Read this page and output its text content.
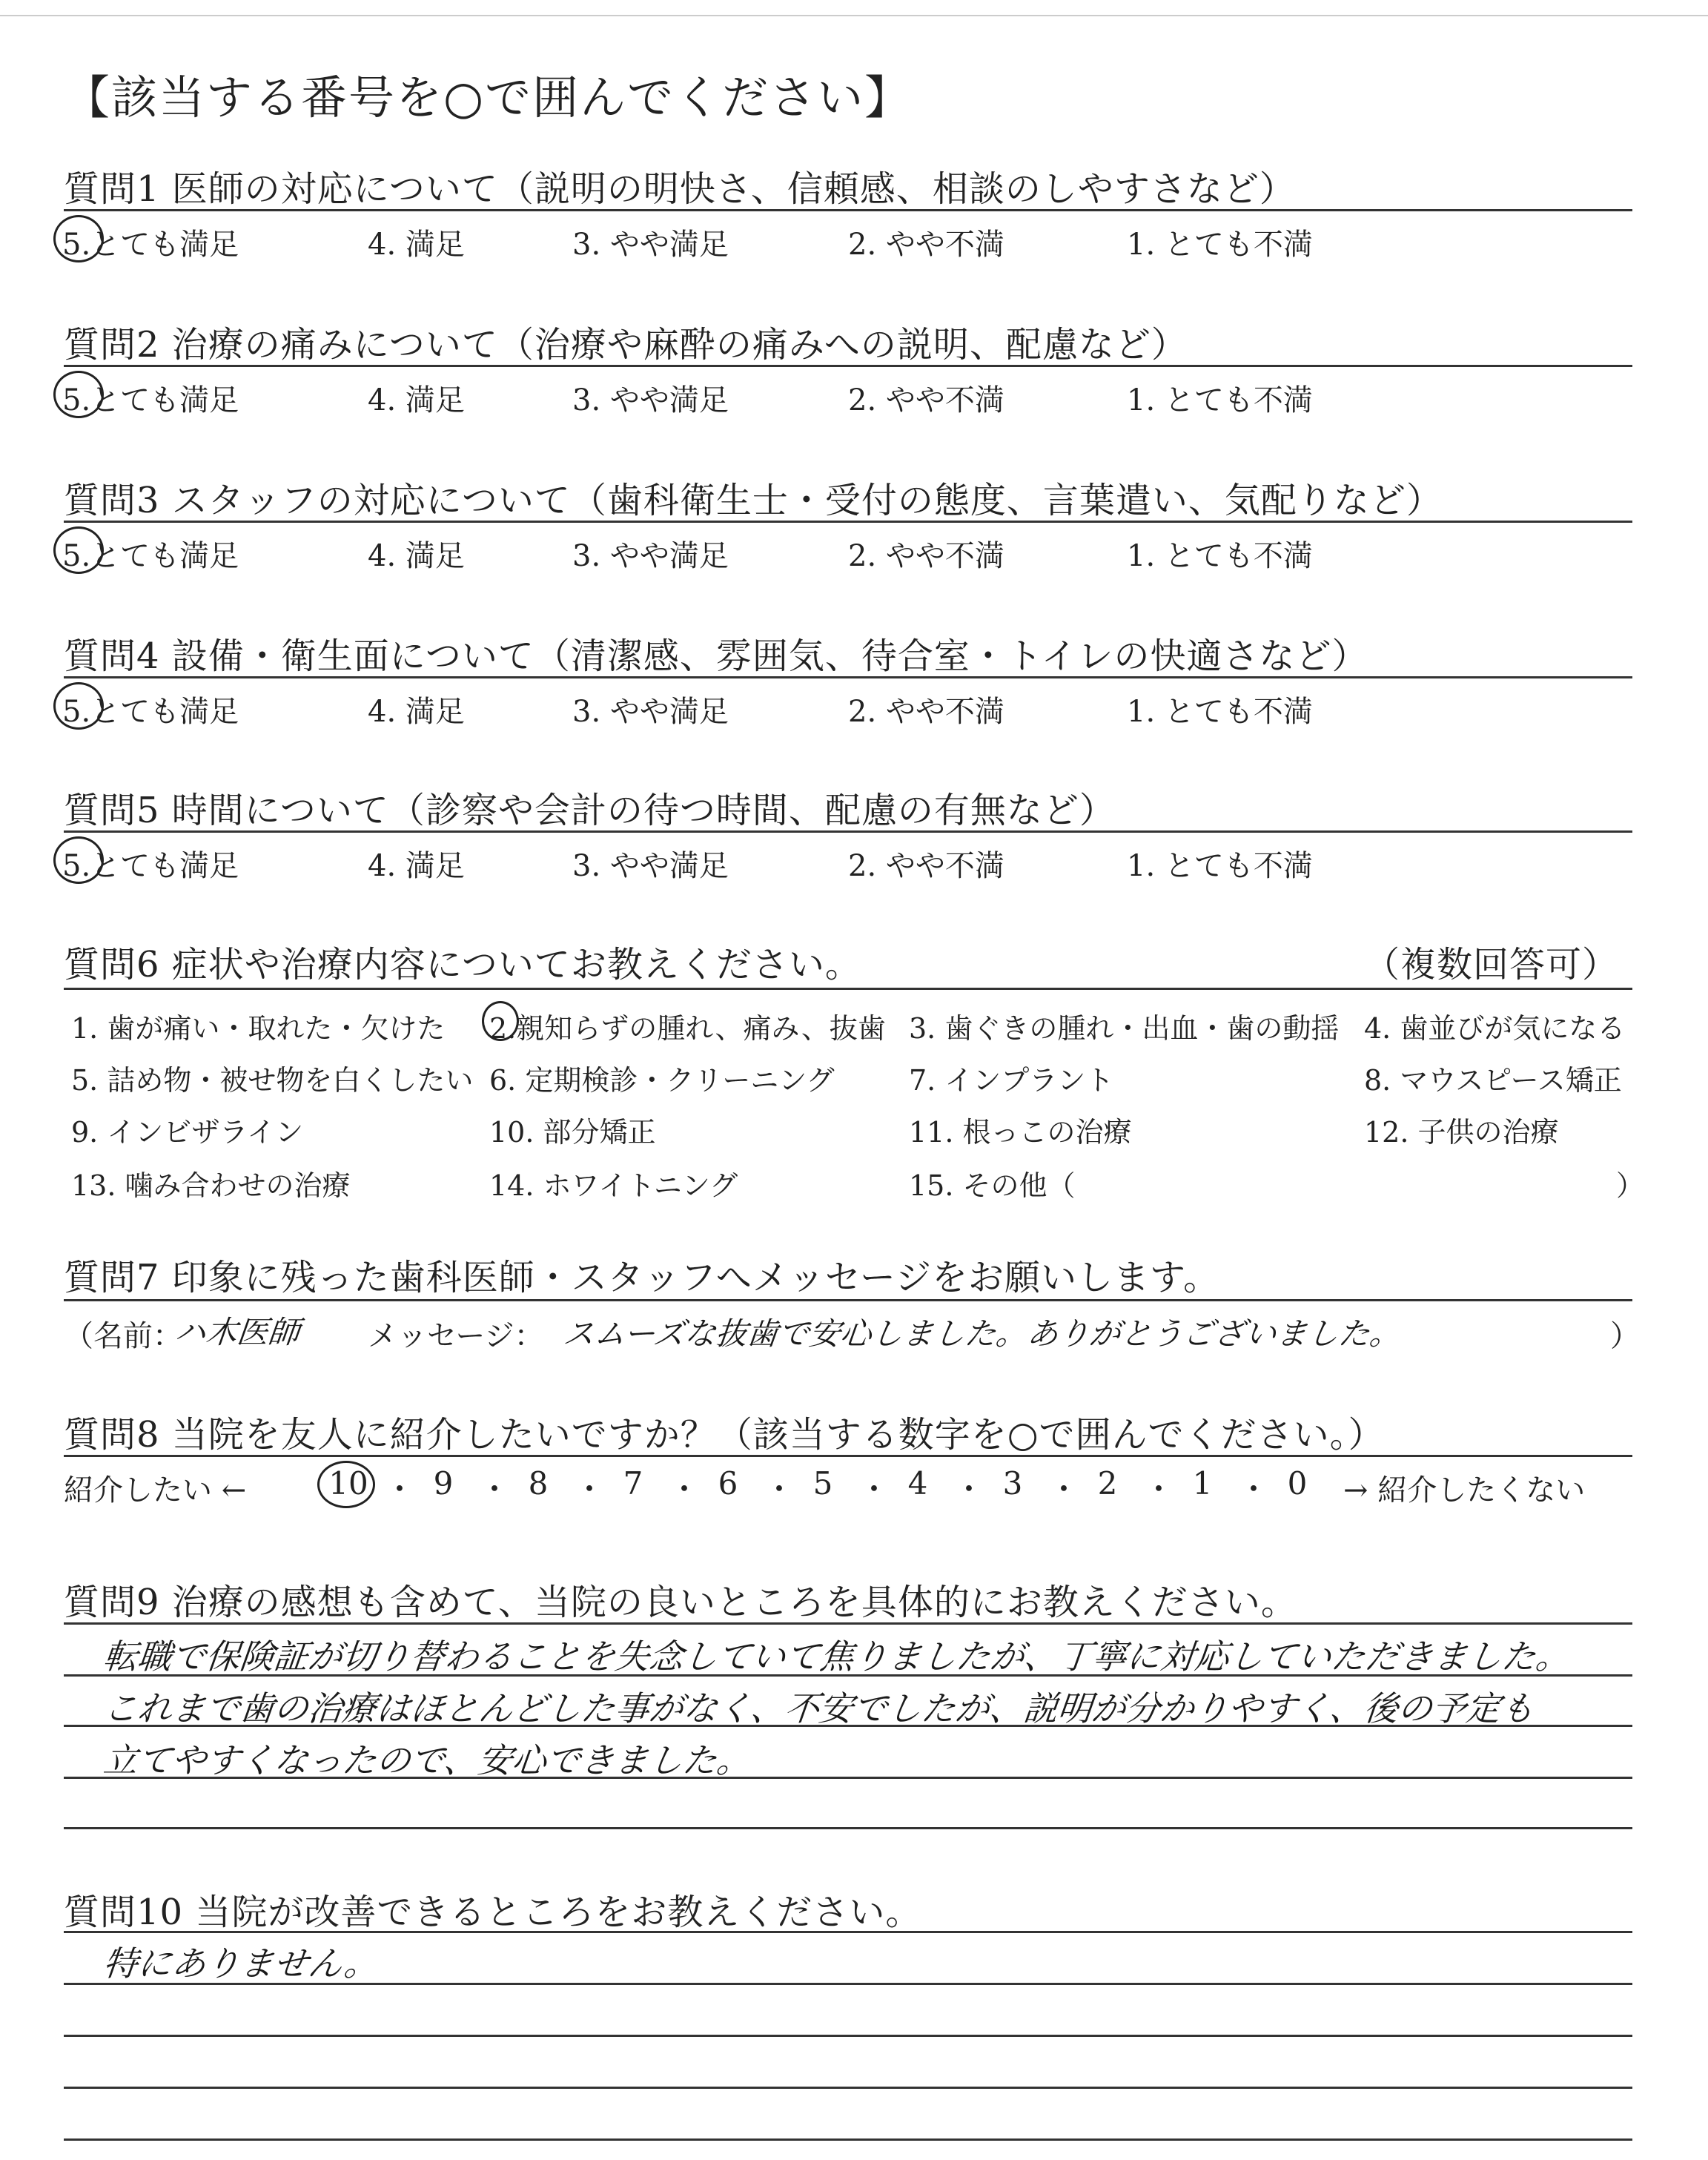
【該当する番号を○で囲んでください】
質問1 医師の対応について（説明の明快さ、信頼感、相談のしやすさなど）
5.とても満足	4. 満足	3. やや満足	2. やや不満	1. とても不満
質問2 治療の痛みについて（治療や麻酔の痛みへの説明、配慮など）
5.とても満足	4. 満足	3. やや満足	2. やや不満	1. とても不満
質問3 スタッフの対応について（歯科衛生士・受付の態度、言葉遣い、気配りなど）
5.とても満足	4. 満足	3. やや満足	2. やや不満	1. とても不満
質問4 設備・衛生面について（清潔感、雰囲気、待合室・トイレの快適さなど）
5.とても満足	4. 満足	3. やや満足	2. やや不満	1. とても不満
質問5 時間について（診察や会計の待つ時間、配慮の有無など）
5.とても満足	4. 満足	3. やや満足	2. やや不満	1. とても不満
質問6 症状や治療内容についてお教えください。	（複数回答可）
1. 歯が痛い・取れた・欠けた 2.親知らずの腫れ、痛み、抜歯 3. 歯ぐきの腫れ・出血・歯の動揺 4. 歯並びが気になる
5. 詰め物・被せ物を白くしたい 6. 定期検診・クリーニング	7. インプラント	8. マウスピース矯正
9. インビザライン	10. 部分矯正	11. 根っこの治療	12. 子供の治療
13. 噛み合わせの治療	14. ホワイトニング	15. その他（	）
質問7 印象に残った歯科医師・スタッフへメッセージをお願いします。
（名前：
ハ木医師 メッセージ： スムーズな抜歯で安心しました。ありがとうございました。	）
質問8 当院を友人に紹介したいですか？（該当する数字を○で囲んでください。）
紹介したい ←	10 ・ 9 ・ 8 ・ 7 ・ 6 ・ 5 ・ 4 ・ 3 ・ 2 ・ 1 ・ 0	→ 紹介したくない
質問9 治療の感想も含めて、当院の良いところを具体的にお教えください。
転職で保険証が切り替わることを失念していて焦りましたが、丁寧に対応していただきました。
これまで歯の治療はほとんどした事がなく、不安でしたが、説明が分かりやすく、後の予定も
立てやすくなったので、安心できました。
質問10 当院が改善できるところをお教えください。
特にありません。
